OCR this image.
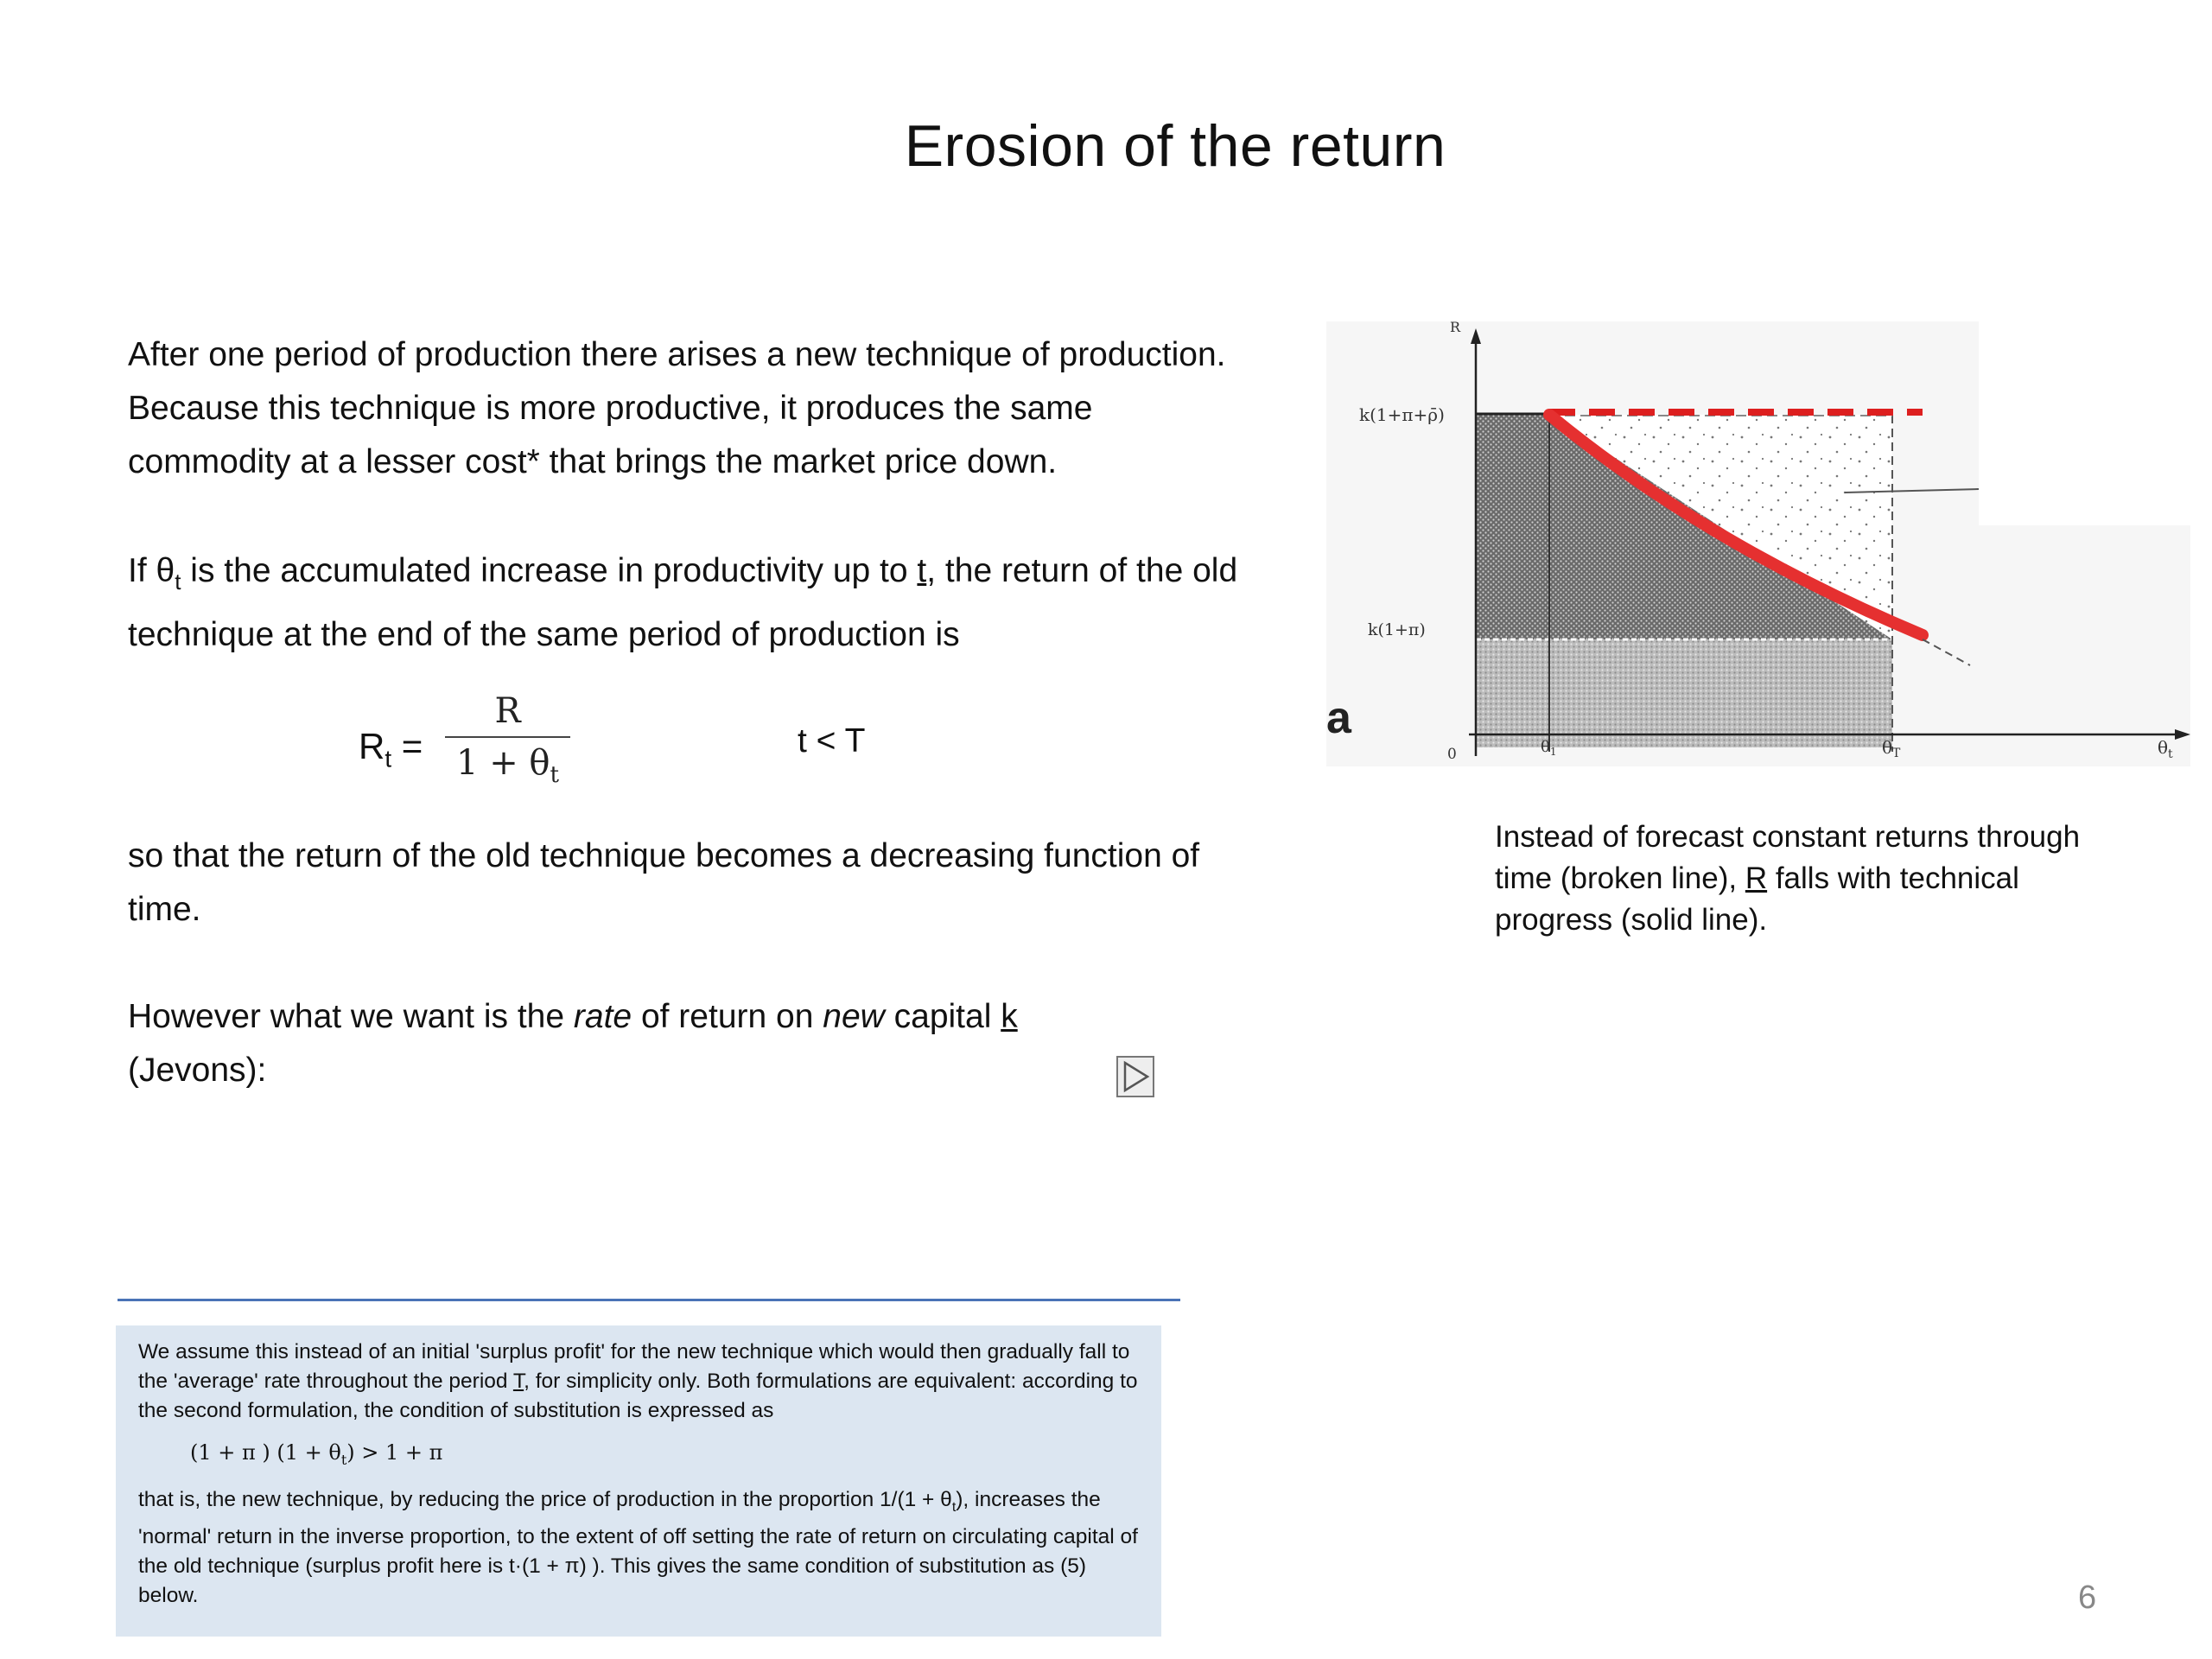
Erosion of the return

After one period of production there arises a new technique of production. Because this technique is more productive, it produces the same commodity at a lesser cost* that brings the market price down.

If $\theta_t$ is the accumulated increase in productivity up to t, the return of the old technique at the end of the same period of production is

$R_t = \frac{R}{1 + \theta_t}$	t < T

so that the return of the old technique becomes a decreasing function of time.

However what we want is the rate of return on new capital k

(Jevons):

R
k(1+π+ρ̄)
k(1+π)
0	$\theta_1$	$\theta_T$	$\theta_t$
a
Instead of forecast constant returns through time (broken line), R falls with technical progress (solid line).

We assume this instead of an initial 'surplus profit' for the new technique which would then gradually fall to the 'average' rate throughout the period T, for simplicity only. Both formulations are equivalent: according to the second formulation, the condition of substitution is expressed as

(1 + π ) $(1 + \theta_t) > 1 + \pi$

that is, the new technique, by reducing the price of production in the proportion $1/(1 + \theta_t)$, increases the 'normal' return in the inverse proportion, to the extent of off setting the rate of return on circulating capital of the old technique (surplus profit here is t·(1 + π) ). This gives the same condition of substitution as (5) below.	6
